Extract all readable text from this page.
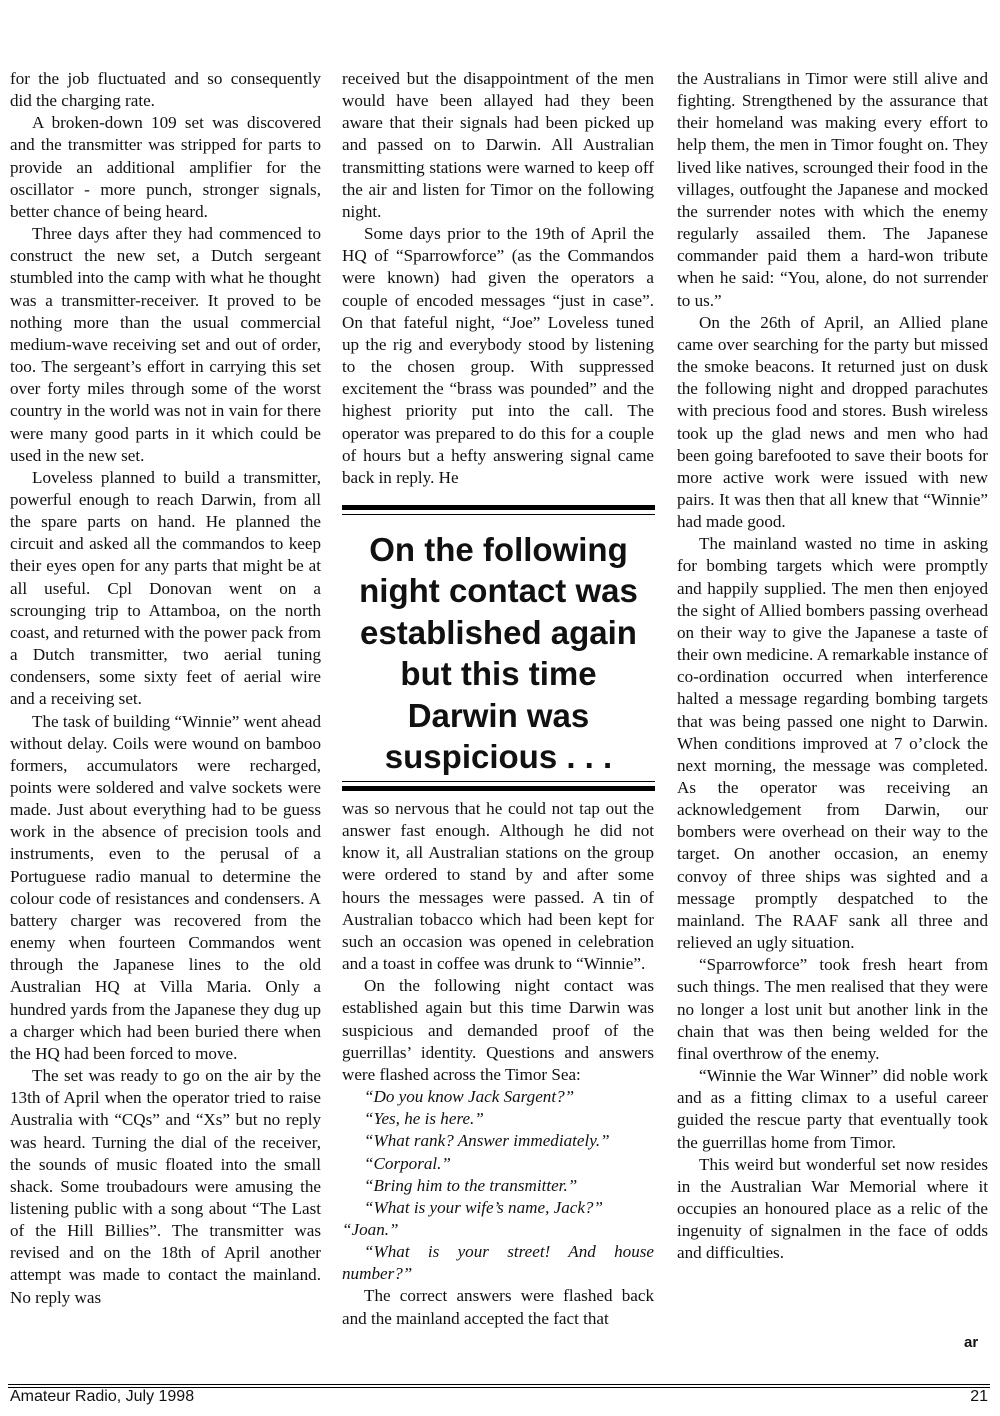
for the job fluctuated and so consequently did the charging rate.

A broken-down 109 set was discovered and the transmitter was stripped for parts to provide an additional amplifier for the oscillator - more punch, stronger signals, better chance of being heard.

Three days after they had commenced to construct the new set, a Dutch sergeant stumbled into the camp with what he thought was a transmitter-receiver. It proved to be nothing more than the usual commercial medium-wave receiving set and out of order, too. The sergeant’s effort in carrying this set over forty miles through some of the worst country in the world was not in vain for there were many good parts in it which could be used in the new set.

Loveless planned to build a transmitter, powerful enough to reach Darwin, from all the spare parts on hand. He planned the circuit and asked all the commandos to keep their eyes open for any parts that might be at all useful. Cpl Donovan went on a scrounging trip to Attamboa, on the north coast, and returned with the power pack from a Dutch transmitter, two aerial tuning condensers, some sixty feet of aerial wire and a receiving set.

The task of building “Winnie” went ahead without delay. Coils were wound on bamboo formers, accumulators were recharged, points were soldered and valve sockets were made. Just about everything had to be guess work in the absence of precision tools and instruments, even to the perusal of a Portuguese radio manual to determine the colour code of resistances and condensers. A battery charger was recovered from the enemy when fourteen Commandos went through the Japanese lines to the old Australian HQ at Villa Maria. Only a hundred yards from the Japanese they dug up a charger which had been buried there when the HQ had been forced to move.

The set was ready to go on the air by the 13th of April when the operator tried to raise Australia with “CQs” and “Xs” but no reply was heard. Turning the dial of the receiver, the sounds of music floated into the small shack. Some troubadours were amusing the listening public with a song about “The Last of the Hill Billies”. The transmitter was revised and on the 18th of April another attempt was made to contact the mainland. No reply was

received but the disappointment of the men would have been allayed had they been aware that their signals had been picked up and passed on to Darwin. All Australian transmitting stations were warned to keep off the air and listen for Timor on the following night.

Some days prior to the 19th of April the HQ of “Sparrowforce” (as the Commandos were known) had given the operators a couple of encoded messages “just in case”. On that fateful night, “Joe” Loveless tuned up the rig and everybody stood by listening to the chosen group. With suppressed excitement the “brass was pounded” and the highest priority put into the call. The operator was prepared to do this for a couple of hours but a hefty answering signal came back in reply. He

On the following night contact was established again but this time Darwin was suspicious . . .

was so nervous that he could not tap out the answer fast enough. Although he did not know it, all Australian stations on the group were ordered to stand by and after some hours the messages were passed. A tin of Australian tobacco which had been kept for such an occasion was opened in celebration and a toast in coffee was drunk to “Winnie”.

On the following night contact was established again but this time Darwin was suspicious and demanded proof of the guerrillas’ identity. Questions and answers were flashed across the Timor Sea:

“Do you know Jack Sargent?”

“Yes, he is here.”

“What rank? Answer immediately.”

“Corporal.”

“Bring him to the transmitter.”

“What is your wife’s name, Jack?”

“Joan.”

“What is your street! And house number?”

The correct answers were flashed back and the mainland accepted the fact that

the Australians in Timor were still alive and fighting. Strengthened by the assurance that their homeland was making every effort to help them, the men in Timor fought on. They lived like natives, scrounged their food in the villages, outfought the Japanese and mocked the surrender notes with which the enemy regularly assailed them. The Japanese commander paid them a hard-won tribute when he said: “You, alone, do not surrender to us.”

On the 26th of April, an Allied plane came over searching for the party but missed the smoke beacons. It returned just on dusk the following night and dropped parachutes with precious food and stores. Bush wireless took up the glad news and men who had been going barefooted to save their boots for more active work were issued with new pairs. It was then that all knew that “Winnie” had made good.

The mainland wasted no time in asking for bombing targets which were promptly and happily supplied. The men then enjoyed the sight of Allied bombers passing overhead on their way to give the Japanese a taste of their own medicine. A remarkable instance of co-ordination occurred when interference halted a message regarding bombing targets that was being passed one night to Darwin. When conditions improved at 7 o’clock the next morning, the message was completed. As the operator was receiving an acknowledgement from Darwin, our bombers were overhead on their way to the target. On another occasion, an enemy convoy of three ships was sighted and a message promptly despatched to the mainland. The RAAF sank all three and relieved an ugly situation.

“Sparrowforce” took fresh heart from such things. The men realised that they were no longer a lost unit but another link in the chain that was then being welded for the final overthrow of the enemy.

“Winnie the War Winner” did noble work and as a fitting climax to a useful career guided the rescue party that eventually took the guerrillas home from Timor.

This weird but wonderful set now resides in the Australian War Memorial where it occupies an honoured place as a relic of the ingenuity of signalmen in the face of odds and difficulties.

ar
Amateur Radio, July 1998	21
